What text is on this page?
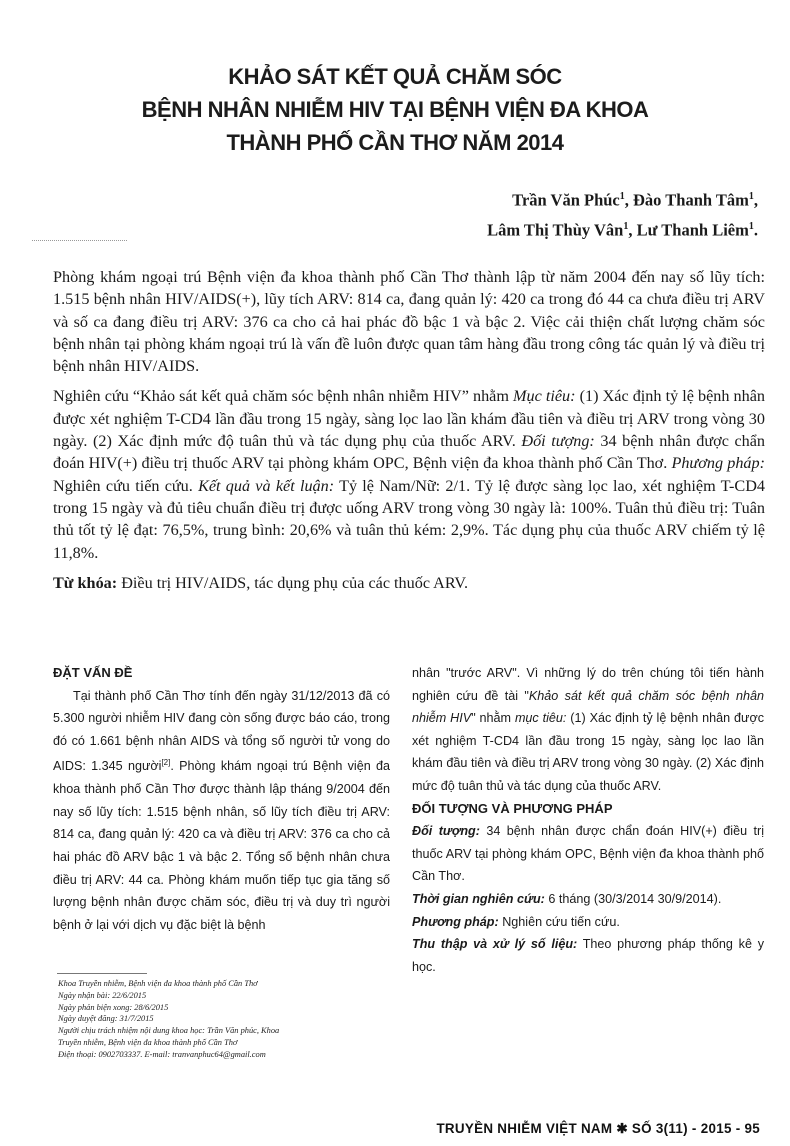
KHẢO SÁT KẾT QUẢ CHĂM SÓC
BỆNH NHÂN NHIỄM HIV TẠI BỆNH VIỆN ĐA KHOA
THÀNH PHỐ CẦN THƠ NĂM 2014
Trần Văn Phúc$^1$, Đào Thanh Tâm$^1$,
Lâm Thị Thùy Vân$^1$, Lư Thanh Liêm$^1$.

Phòng khám ngoại trú Bệnh viện đa khoa thành phố Cần Thơ thành lập từ năm 2004 đến nay số lũy tích: 1.515 bệnh nhân HIV/AIDS(+), lũy tích ARV: 814 ca, đang quản lý: 420 ca trong đó 44 ca chưa điều trị ARV và số ca đang điều trị ARV: 376 ca cho cả hai phác đồ bậc 1 và bậc 2. Việc cải thiện chất lượng chăm sóc bệnh nhân tại phòng khám ngoại trú là vấn đề luôn được quan tâm hàng đầu trong công tác quản lý và điều trị bệnh nhân HIV/AIDS.

Nghiên cứu “Khảo sát kết quả chăm sóc bệnh nhân nhiễm HIV” nhằm Mục tiêu: (1) Xác định tỷ lệ bệnh nhân được xét nghiệm T-CD4 lần đầu trong 15 ngày, sàng lọc lao lần khám đầu tiên và điều trị ARV trong vòng 30 ngày. (2) Xác định mức độ tuân thủ và tác dụng phụ của thuốc ARV. Đối tượng: 34 bệnh nhân được chẩn đoán HIV(+) điều trị thuốc ARV tại phòng khám OPC, Bệnh viện đa khoa thành phố Cần Thơ. Phương pháp: Nghiên cứu tiến cứu. Kết quả và kết luận: Tỷ lệ Nam/Nữ: 2/1. Tỷ lệ được sàng lọc lao, xét nghiệm T-CD4 trong 15 ngày và đủ tiêu chuẩn điều trị được uống ARV trong vòng 30 ngày là: 100%. Tuân thủ điều trị: Tuân thủ tốt tỷ lệ đạt: 76,5%, trung bình: 20,6% và tuân thủ kém: 2,9%. Tác dụng phụ của thuốc ARV chiếm tỷ lệ 11,8%.

Từ khóa: Điều trị HIV/AIDS, tác dụng phụ của các thuốc ARV.

ĐẶT VẤN ĐỀ

Tại thành phố Cần Thơ tính đến ngày 31/12/2013 đã có 5.300 người nhiễm HIV đang còn sống được báo cáo, trong đó có 1.661 bệnh nhân AIDS và tổng số người tử vong do AIDS: 1.345 người[2]. Phòng khám ngoại trú Bệnh viện đa khoa thành phố Cần Thơ được thành lập tháng 9/2004 đến nay số lũy tích: 1.515 bệnh nhân, số lũy tích điều trị ARV: 814 ca, đang quản lý: 420 ca và điều trị ARV: 376 ca cho cả hai phác đồ ARV bậc 1 và bậc 2. Tổng số bệnh nhân chưa điều trị ARV: 44 ca. Phòng khám muốn tiếp tục gia tăng số lượng bệnh nhân được chăm sóc, điều trị và duy trì người bệnh ở lại với dịch vụ đặc biệt là bệnh

nhân "trước ARV". Vì những lý do trên chúng tôi tiến hành nghiên cứu đề tài "Khảo sát kết quả chăm sóc bệnh nhân nhiễm HIV" nhằm mục tiêu: (1) Xác định tỷ lệ bệnh nhân được xét nghiệm T-CD4 lần đầu trong 15 ngày, sàng lọc lao lần khám đầu tiên và điều trị ARV trong vòng 30 ngày. (2) Xác định mức độ tuân thủ và tác dụng của thuốc ARV.

ĐỐI TƯỢNG VÀ PHƯƠNG PHÁP

Đối tượng: 34 bệnh nhân được chẩn đoán HIV(+) điều trị thuốc ARV tại phòng khám OPC, Bệnh viện đa khoa thành phố Cần Thơ.

Thời gian nghiên cứu: 6 tháng (30/3/2014 30/9/2014).

Phương pháp: Nghiên cứu tiến cứu.

Thu thập và xử lý số liệu: Theo phương pháp thống kê y học.

Khoa Truyền nhiễm, Bệnh viện đa khoa thành phố Cần Thơ
Ngày nhận bài: 22/6/2015
Ngày phản biện xong: 28/6/2015
Ngày duyệt đăng: 31/7/2015
Người chịu trách nhiệm nội dung khoa học: Trần Văn phúc, Khoa
Truyền nhiễm, Bệnh viện đa khoa thành phố Cần Thơ
Điện thoại: 0902703337. E-mail: tranvanphuc64@gmail.com
TRUYỀN NHIỄM VIỆT NAM ✱ SỐ 3(11) - 2015 - 95
